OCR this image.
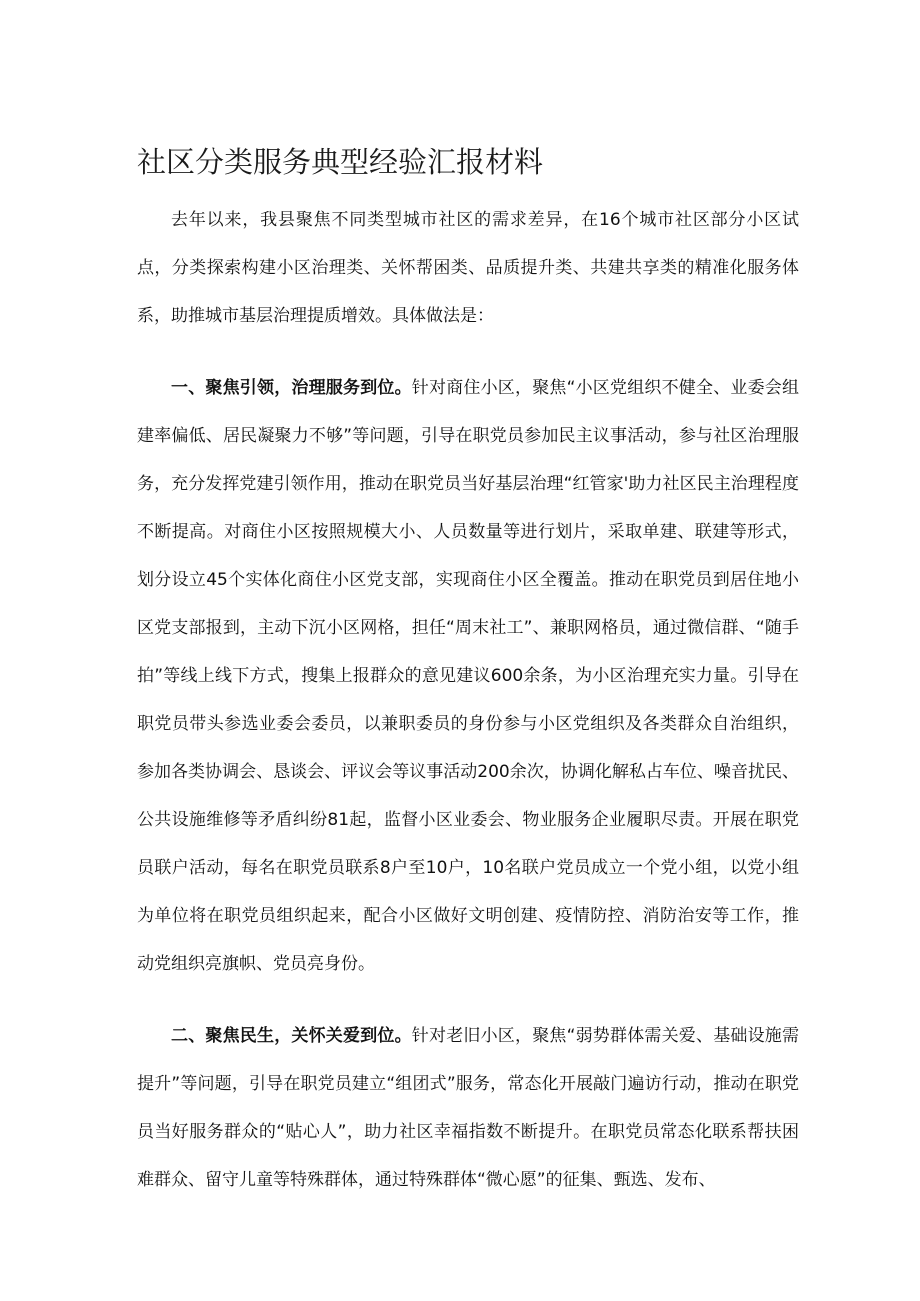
社区分类服务典型经验汇报材料

去年以来，我县聚焦不同类型城市社区的需求差异，在16个城市社区部分小区试点，分类探索构建小区治理类、关怀帮困类、品质提升类、共建共享类的精准化服务体系，助推城市基层治理提质增效。具体做法是：

一、聚焦引领，治理服务到位。针对商住小区，聚焦“小区党组织不健全、业委会组建率偏低、居民凝聚力不够”等问题，引导在职党员参加民主议事活动，参与社区治理服务，充分发挥党建引领作用，推动在职党员当好基层治理“红管家'助力社区民主治理程度不断提高。对商住小区按照规模大小、人员数量等进行划片，采取单建、联建等形式，划分设立45个实体化商住小区党支部，实现商住小区全覆盖。推动在职党员到居住地小区党支部报到，主动下沉小区网格，担任“周末社工”、兼职网格员，通过微信群、“随手拍”等线上线下方式，搜集上报群众的意见建议600余条，为小区治理充实力量。引导在职党员带头参选业委会委员，以兼职委员的身份参与小区党组织及各类群众自治组织，参加各类协调会、恳谈会、评议会等议事活动200余次，协调化解私占车位、噪音扰民、公共设施维修等矛盾纠纷81起，监督小区业委会、物业服务企业履职尽责。开展在职党员联户活动，每名在职党员联系8户至10户，10名联户党员成立一个党小组，以党小组为单位将在职党员组织起来，配合小区做好文明创建、疫情防控、消防治安等工作，推动党组织亮旗帜、党员亮身份。

二、聚焦民生，关怀关爱到位。针对老旧小区，聚焦“弱势群体需关爱、基础设施需提升”等问题，引导在职党员建立“组团式”服务，常态化开展敲门遍访行动，推动在职党员当好服务群众的“贴心人”，助力社区幸福指数不断提升。在职党员常态化联系帮扶困难群众、留守儿童等特殊群体，通过特殊群体“微心愿”的征集、甄选、发布、
